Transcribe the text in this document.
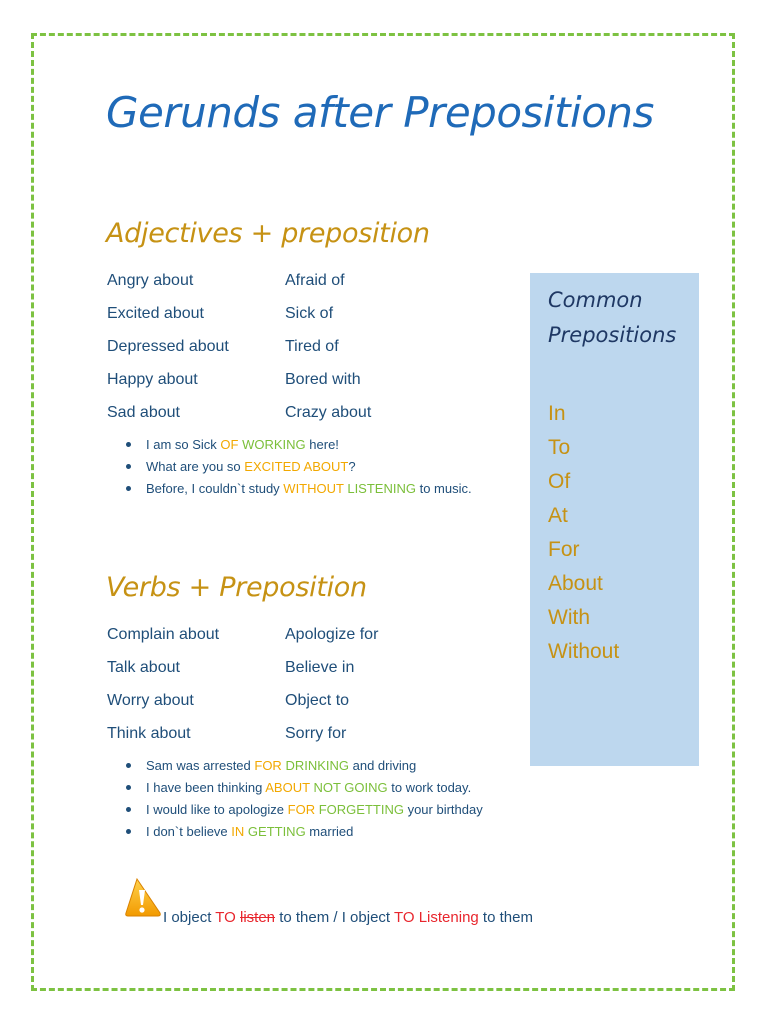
Gerunds after Prepositions
Adjectives + preposition
Angry about	Afraid of
Excited about	Sick of
Depressed about	Tired of
Happy about	Bored with
Sad about	Crazy about
I am so Sick OF WORKING here!
What are you so EXCITED ABOUT?
Before, I couldn`t study WITHOUT LISTENING to music.
Verbs + Preposition
Complain about	Apologize for
Talk about	Believe in
Worry about	Object to
Think about	Sorry for
Sam was arrested FOR DRINKING and driving
I have been thinking ABOUT NOT GOING to work today.
I would like to apologize FOR FORGETTING your birthday
I don`t believe IN GETTING married
Common
Prepositions
In
To
Of
At
For
About
With
Without
I object TO listen to them / I object TO Listening to them
